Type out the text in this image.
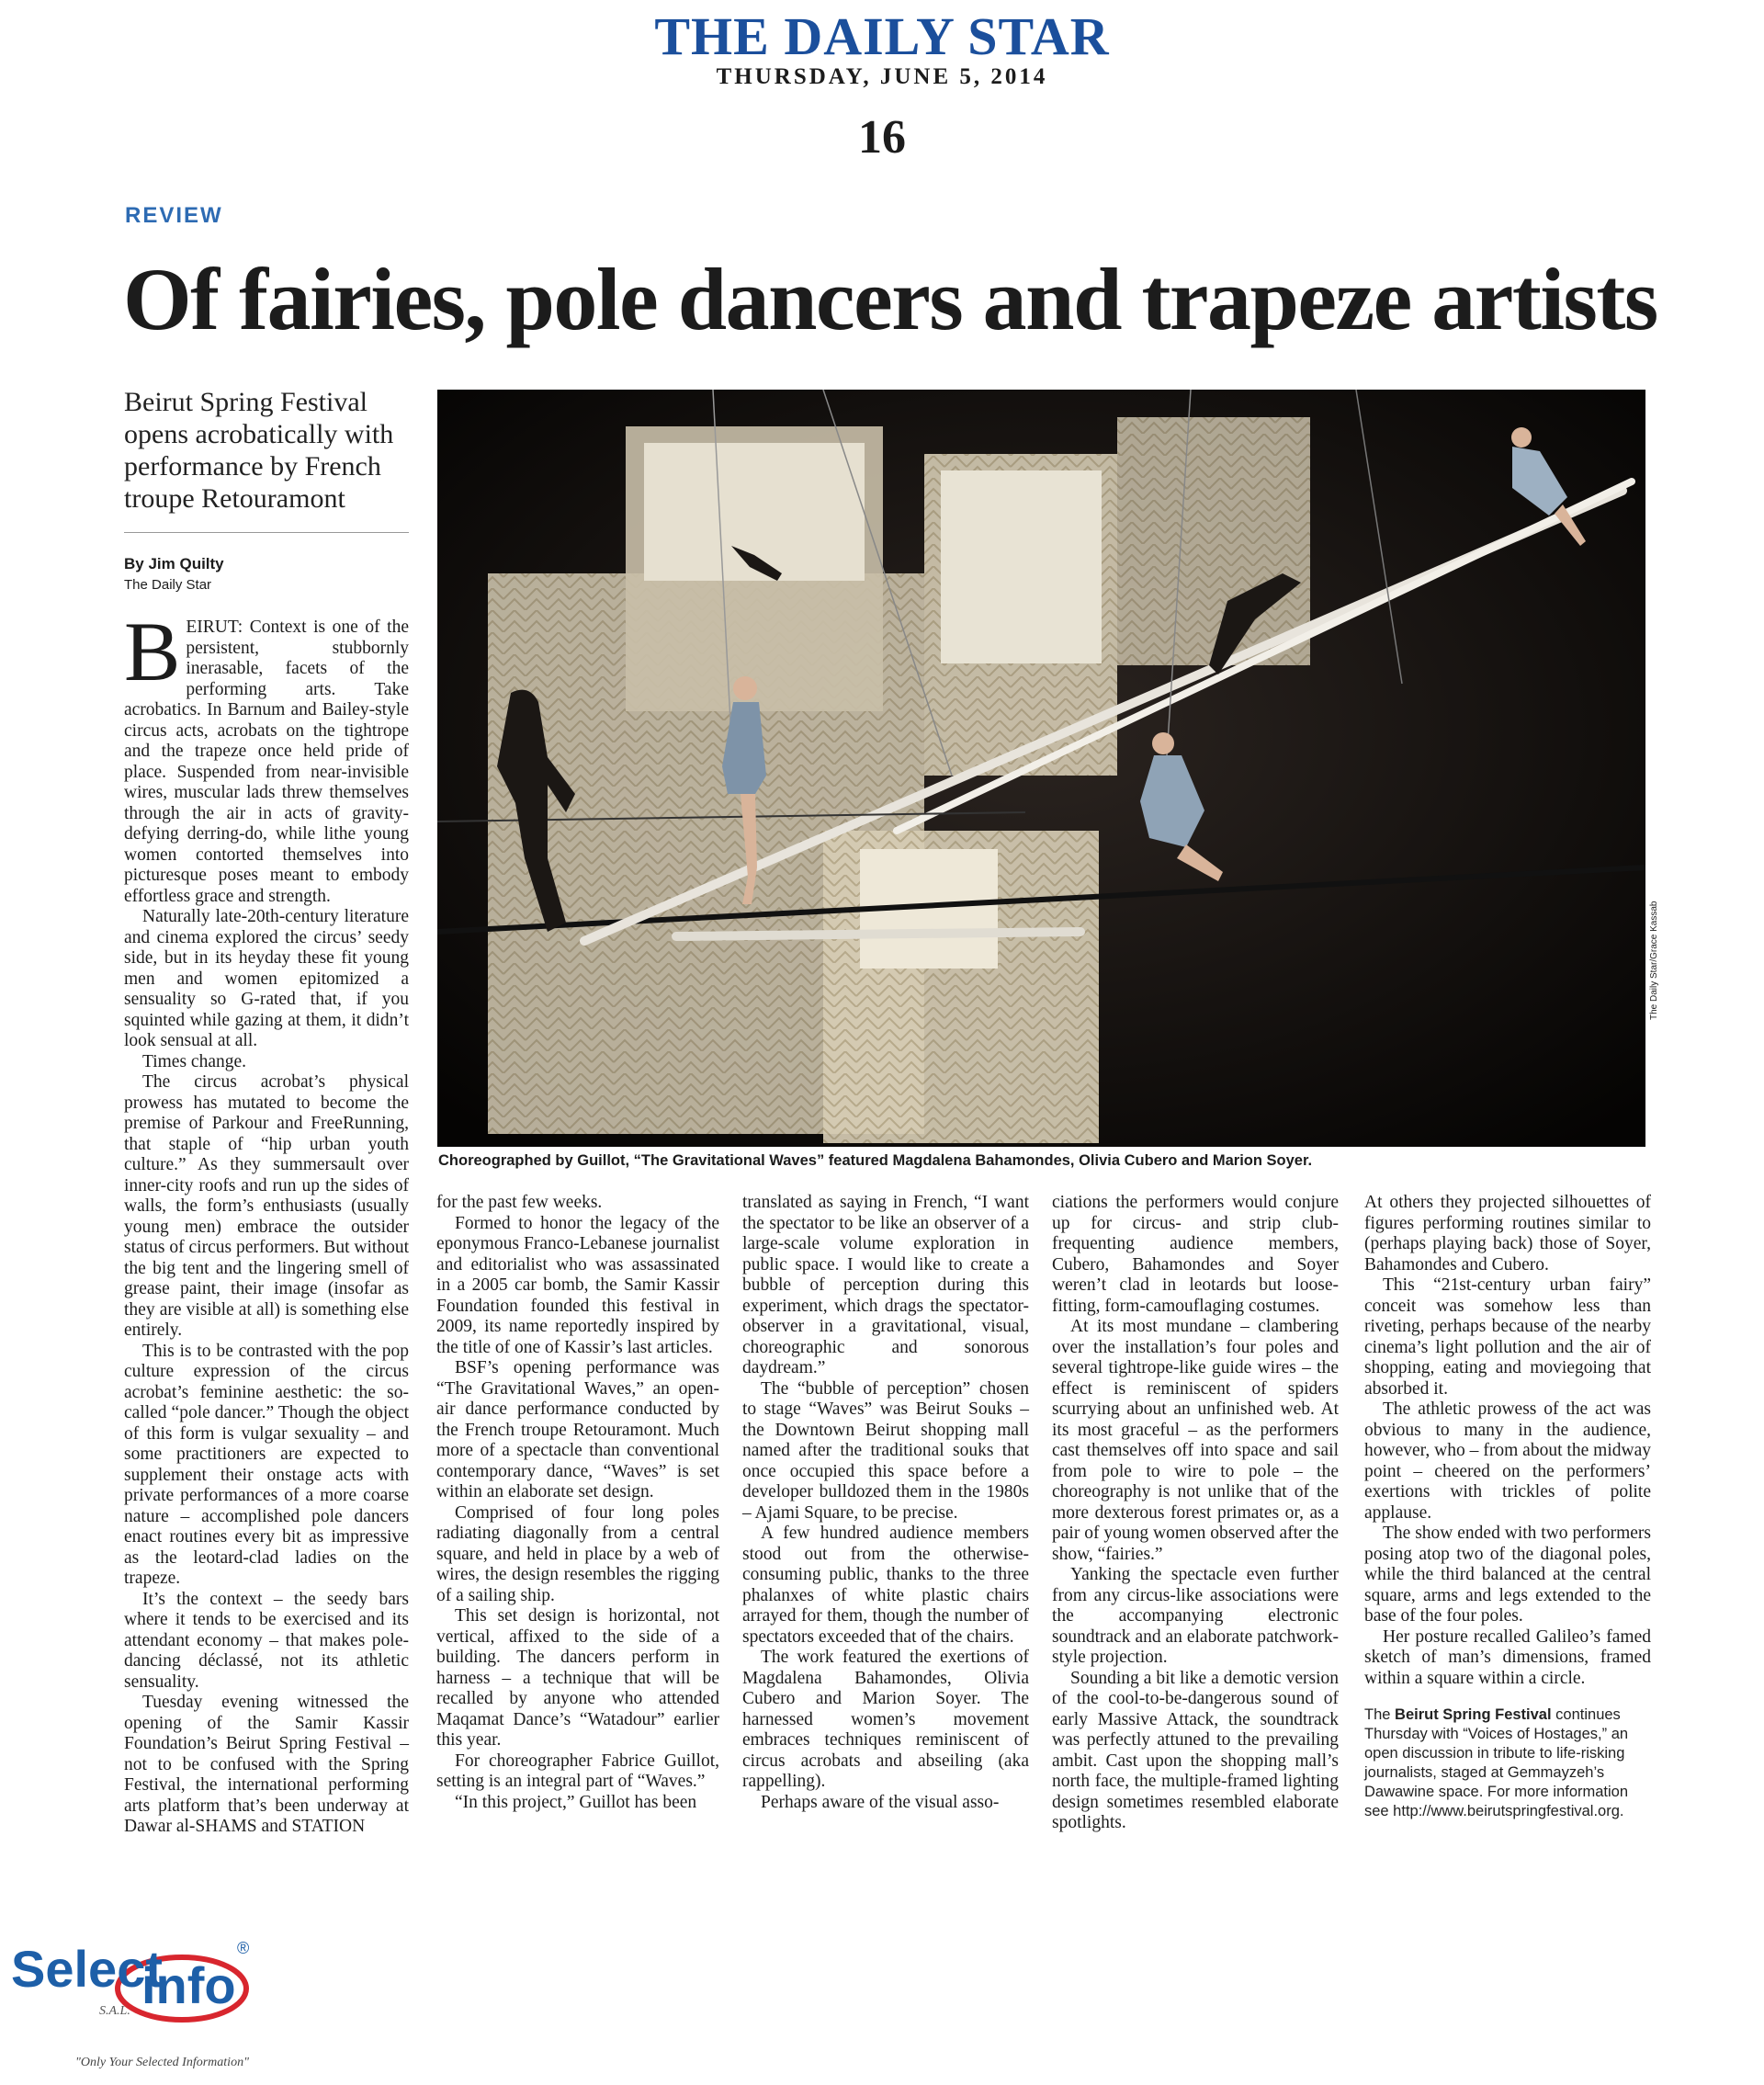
THE DAILY STAR
THURSDAY, JUNE 5, 2014
16
REVIEW
Of fairies, pole dancers and trapeze artists
Beirut Spring Festival opens acrobatically with performance by French troupe Retouramont
By Jim Quilty
The Daily Star

BEIRUT: Context is one of the persistent, stubbornly inerasable, facets of the performing arts. Take acrobatics. In Barnum and Bailey-style circus acts, acrobats on the tightrope and the trapeze once held pride of place. Suspended from near-invisible wires, muscular lads threw themselves through the air in acts of gravity-defying derring-do, while lithe young women contorted themselves into picturesque poses meant to embody effortless grace and strength.

Naturally late-20th-century literature and cinema explored the circus’ seedy side, but in its heyday these fit young men and women epitomized a sensuality so G-rated that, if you squinted while gazing at them, it didn’t look sensual at all.

Times change.

The circus acrobat’s physical prowess has mutated to become the premise of Parkour and FreeRunning, that staple of “hip urban youth culture.” As they summersault over inner-city roofs and run up the sides of walls, the form’s enthusiasts (usually young men) embrace the outsider status of circus performers. But without the big tent and the lingering smell of grease paint, their image (insofar as they are visible at all) is something else entirely.

This is to be contrasted with the pop culture expression of the circus acrobat’s feminine aesthetic: the so-called “pole dancer.” Though the object of this form is vulgar sexuality – and some practitioners are expected to supplement their onstage acts with private performances of a more coarse nature – accomplished pole dancers enact routines every bit as impressive as the leotard-clad ladies on the trapeze.

It’s the context – the seedy bars where it tends to be exercised and its attendant economy – that makes pole-dancing déclassé, not its athletic sensuality.

Tuesday evening witnessed the opening of the Samir Kassir Foundation’s Beirut Spring Festival – not to be confused with the Spring Festival, the international performing arts platform that’s been underway at Dawar al-SHAMS and STATION

The Daily Star/Grace Kassab
Choreographed by Guillot, “The Gravitational Waves” featured Magdalena Bahamondes, Olivia Cubero and Marion Soyer.

for the past few weeks.

Formed to honor the legacy of the eponymous Franco-Lebanese journalist and editorialist who was assassinated in a 2005 car bomb, the Samir Kassir Foundation founded this festival in 2009, its name reportedly inspired by the title of one of Kassir’s last articles.

BSF’s opening performance was “The Gravitational Waves,” an open-air dance performance conducted by the French troupe Retouramont. Much more of a spectacle than conventional contemporary dance, “Waves” is set within an elaborate set design.

Comprised of four long poles radiating diagonally from a central square, and held in place by a web of wires, the design resembles the rigging of a sailing ship.

This set design is horizontal, not vertical, affixed to the side of a building. The dancers perform in harness – a technique that will be recalled by anyone who attended Maqamat Dance’s “Watadour” earlier this year.

For choreographer Fabrice Guillot, setting is an integral part of “Waves.”

“In this project,” Guillot has been

translated as saying in French, “I want the spectator to be like an observer of a large-scale volume exploration in public space. I would like to create a bubble of perception during this experiment, which drags the spectator-observer in a gravitational, visual, choreographic and sonorous daydream.”

The “bubble of perception” chosen to stage “Waves” was Beirut Souks – the Downtown Beirut shopping mall named after the traditional souks that once occupied this space before a developer bulldozed them in the 1980s – Ajami Square, to be precise.

A few hundred audience members stood out from the otherwise-consuming public, thanks to the three phalanxes of white plastic chairs arrayed for them, though the number of spectators exceeded that of the chairs.

The work featured the exertions of Magdalena Bahamondes, Olivia Cubero and Marion Soyer. The harnessed women’s movement embraces techniques reminiscent of circus acrobats and abseiling (aka rappelling).

Perhaps aware of the visual asso-

ciations the performers would conjure up for circus- and strip club-frequenting audience members, Cubero, Bahamondes and Soyer weren’t clad in leotards but loose-fitting, form-camouflaging costumes.

At its most mundane – clambering over the installation’s four poles and several tightrope-like guide wires – the effect is reminiscent of spiders scurrying about an unfinished web. At its most graceful – as the performers cast themselves off into space and sail from pole to wire to pole – the choreography is not unlike that of the more dexterous forest primates or, as a pair of young women observed after the show, “fairies.”

Yanking the spectacle even further from any circus-like associations were the accompanying electronic soundtrack and an elaborate patchwork-style projection.

Sounding a bit like a demotic version of the cool-to-be-dangerous sound of early Massive Attack, the soundtrack was perfectly attuned to the prevailing ambit. Cast upon the shopping mall’s north face, the multiple-framed lighting design sometimes resembled elaborate spotlights.

At others they projected silhouettes of figures performing routines similar to (perhaps playing back) those of Soyer, Bahamondes and Cubero.

This “21st-century urban fairy” conceit was somehow less than riveting, perhaps because of the nearby cinema’s light pollution and the air of shopping, eating and moviegoing that absorbed it.

The athletic prowess of the act was obvious to many in the audience, however, who – from about the midway point – cheered on the performers’ exertions with trickles of polite applause.

The show ended with two performers posing atop two of the diagonal poles, while the third balanced at the central square, arms and legs extended to the base of the four poles.

Her posture recalled Galileo’s famed sketch of man’s dimensions, framed within a square within a circle.

The Beirut Spring Festival continues Thursday with “Voices of Hostages,” an open discussion in tribute to life-risking journalists, staged at Gemmayzeh’s Dawawine space. For more information see http://www.beirutspringfestival.org.
Select
info
®
S.A.L.
"Only Your Selected Information"
